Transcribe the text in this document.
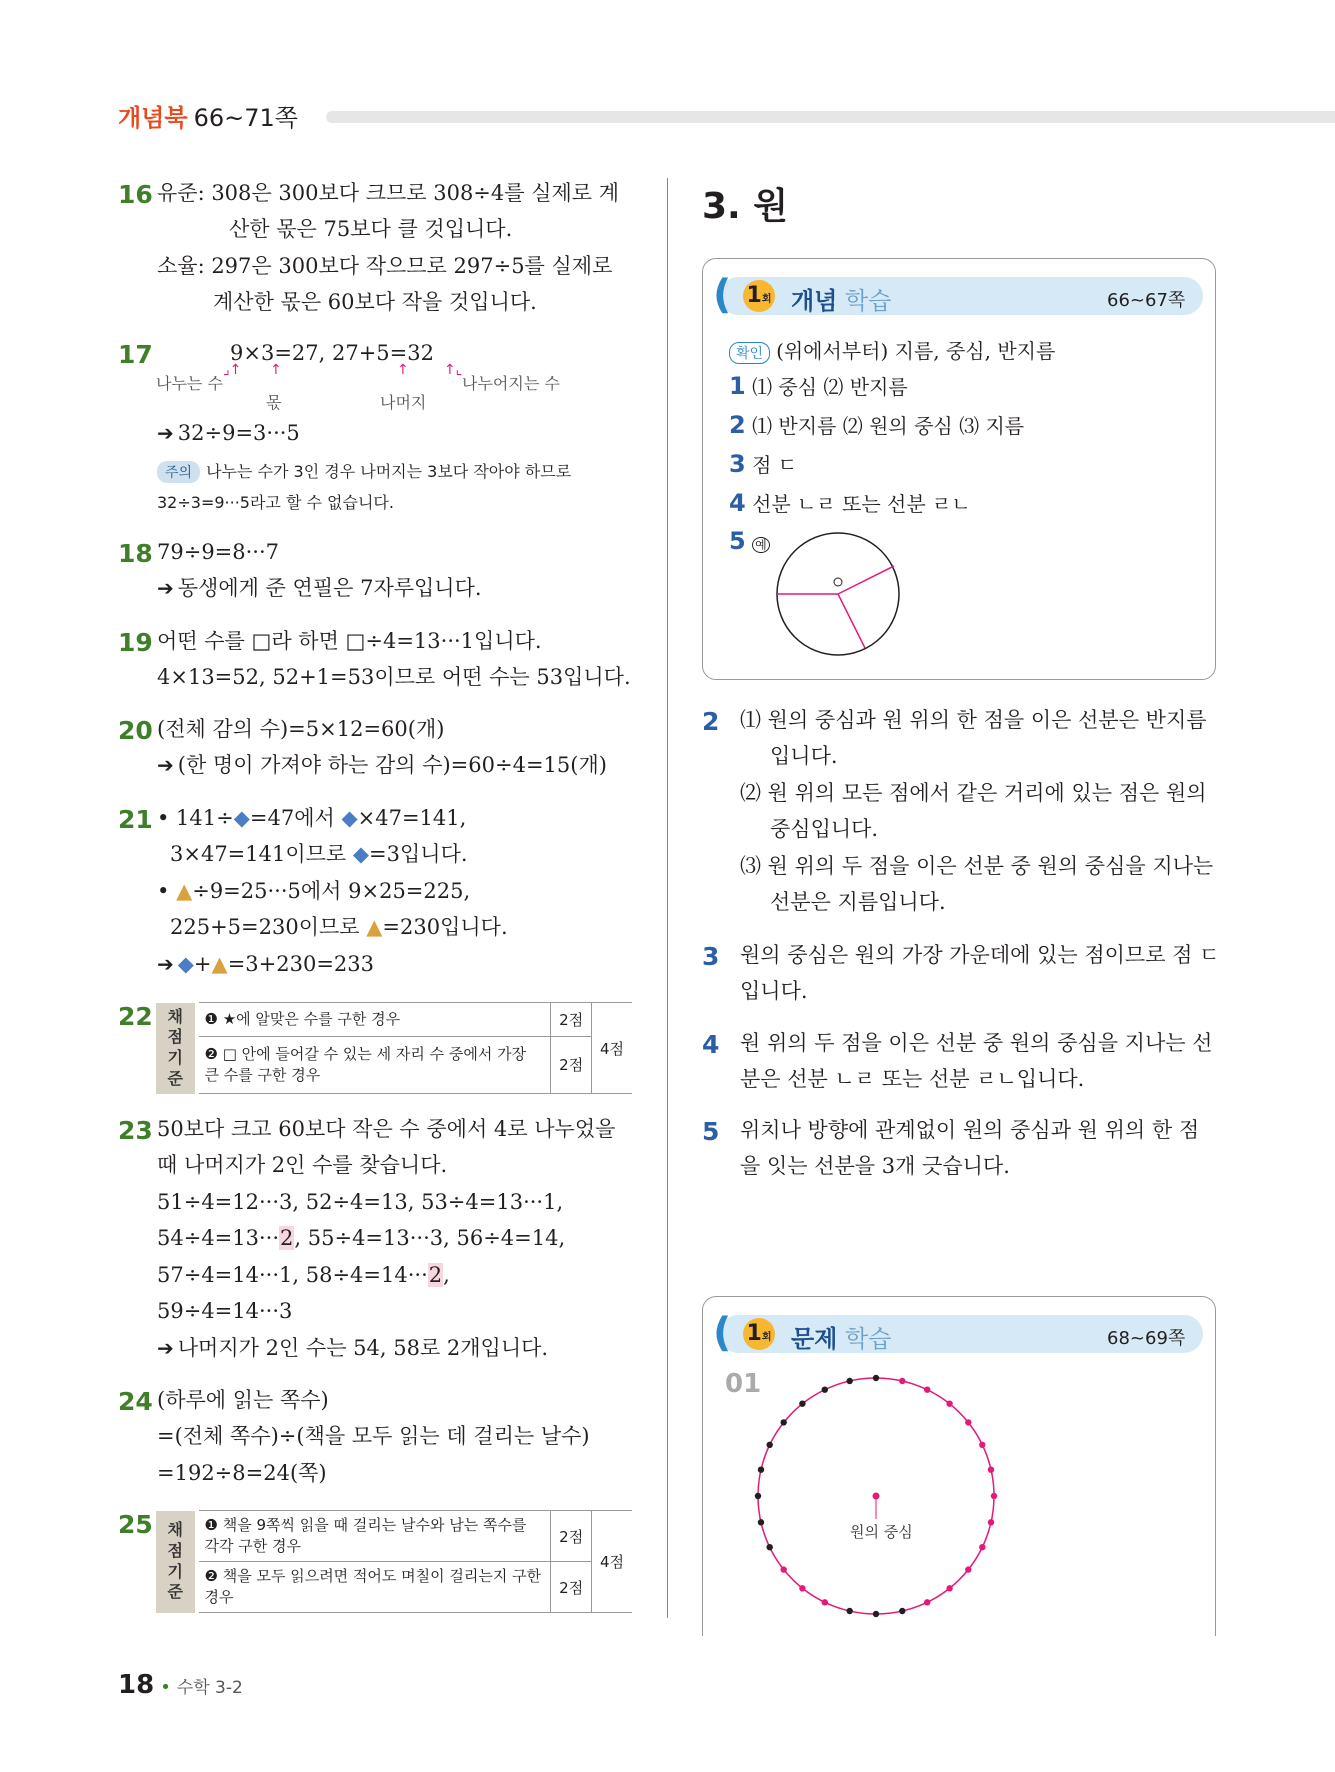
개념북 66~71쪽
16 유준: 308은 300보다 크므로 308÷4를 실제로 계
산한 몫은 75보다 클 것입니다.
소율: 297은 300보다 작으므로 297÷5를 실제로
계산한 몫은 60보다 작을 것입니다.
17	9×3=27, 27+5=32
나누는 수
⌟↑ ↑
몫
↑
나머지
↑⌞
나누어지는 수
➔ 32÷9=3···5
주의 나누는 수가 3인 경우 나머지는 3보다 작아야 하므로
32÷3=9···5라고 할 수 없습니다.
18 79÷9=8···7
➔ 동생에게 준 연필은 7자루입니다.
19 어떤 수를 □라 하면 □÷4=13···1입니다.
4×13=52, 52+1=53이므로 어떤 수는 53입니다.
20 (전체 감의 수)=5×12=60(개)
➔ (한 명이 가져야 하는 감의 수)=60÷4=15(개)
21 • 141÷◆=47에서 ◆×47=141,
3×47=141이므로 ◆=3입니다.
• ▲÷9=25···5에서 9×25=225,
225+5=230이므로 ▲=230입니다.
➔ ◆+▲=3+230=233
22 채점
기준	❶ ★에 알맞은 수를 구한 경우	2점	4점
	❷ □ 안에 들어갈 수 있는 세 자리 수 중에서 가장 큰 수를 구한 경우	2점	
23 50보다 크고 60보다 작은 수 중에서 4로 나누었을
때 나머지가 2인 수를 찾습니다.
51÷4=12···3, 52÷4=13, 53÷4=13···1,
54÷4=13···2, 55÷4=13···3, 56÷4=14,
57÷4=14···1, 58÷4=14···2,
59÷4=14···3
➔ 나머지가 2인 수는 54, 58로 2개입니다.
24 (하루에 읽는 쪽수)
=(전체 쪽수)÷(책을 모두 읽는 데 걸리는 날수)
=192÷8=24(쪽)
25 채점
기준	❶ 책을 9쪽씩 읽을 때 걸리는 날수와 남는 쪽수를 각각 구한 경우	2점	4점
	❷ 책을 모두 읽으려면 적어도 며칠이 걸리는지 구한 경우	2점	
3. 원
( 1회 개념 학습	66~67쪽
확인 (위에서부터) 지름, 중심, 반지름
1 ⑴ 중심 ⑵ 반지름
2 ⑴ 반지름 ⑵ 원의 중심 ⑶ 지름
3 점 ㄷ
4 선분 ㄴㄹ 또는 선분 ㄹㄴ
5 예
2 ⑴ 원의 중심과 원 위의 한 점을 이은 선분은 반지름
입니다.
⑵ 원 위의 모든 점에서 같은 거리에 있는 점은 원의
중심입니다.
⑶ 원 위의 두 점을 이은 선분 중 원의 중심을 지나는
선분은 지름입니다.
3 원의 중심은 원의 가장 가운데에 있는 점이므로 점 ㄷ
입니다.
4 원 위의 두 점을 이은 선분 중 원의 중심을 지나는 선
분은 선분 ㄴㄹ 또는 선분 ㄹㄴ입니다.
5 위치나 방향에 관계없이 원의 중심과 원 위의 한 점
을 잇는 선분을 3개 긋습니다.
( 1회 문제 학습	68~69쪽
01
원의 중심
18 • 수학 3-2
